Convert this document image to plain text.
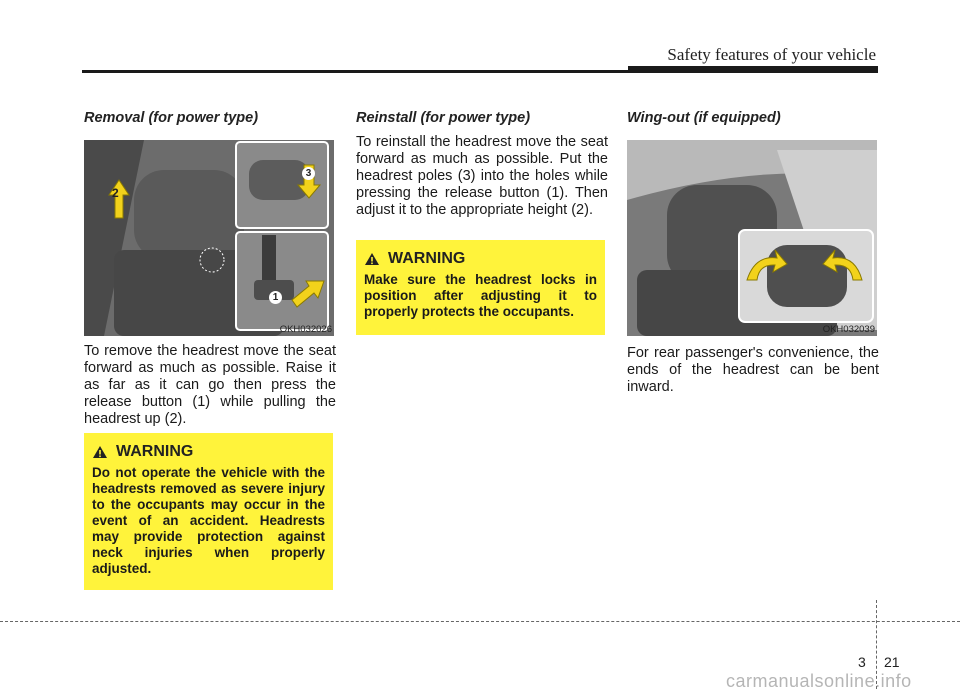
Safety features of your vehicle
Removal (for power type)
2
3
1
OKH032026

To remove the headrest move the seat forward as much as possible. Raise it as far as it can go then press the release button (1) while pulling the headrest up (2).

WARNING
Do not operate the vehicle with the headrests removed as severe injury to the occupants may occur in the event of an accident. Headrests may provide protection against neck injuries when properly adjusted.
Reinstall (for power type)

To reinstall the headrest move the seat forward as much as possible. Put the headrest poles (3) into the holes while pressing the release button (1). Then adjust it to the appropriate height (2).

WARNING
Make sure the headrest locks in position after adjusting it to properly protects the occupants.
Wing-out (if equipped)
OKH032039

For rear passenger's convenience, the ends of the headrest can be bent inward.

3 21
carmanualsonline.info
